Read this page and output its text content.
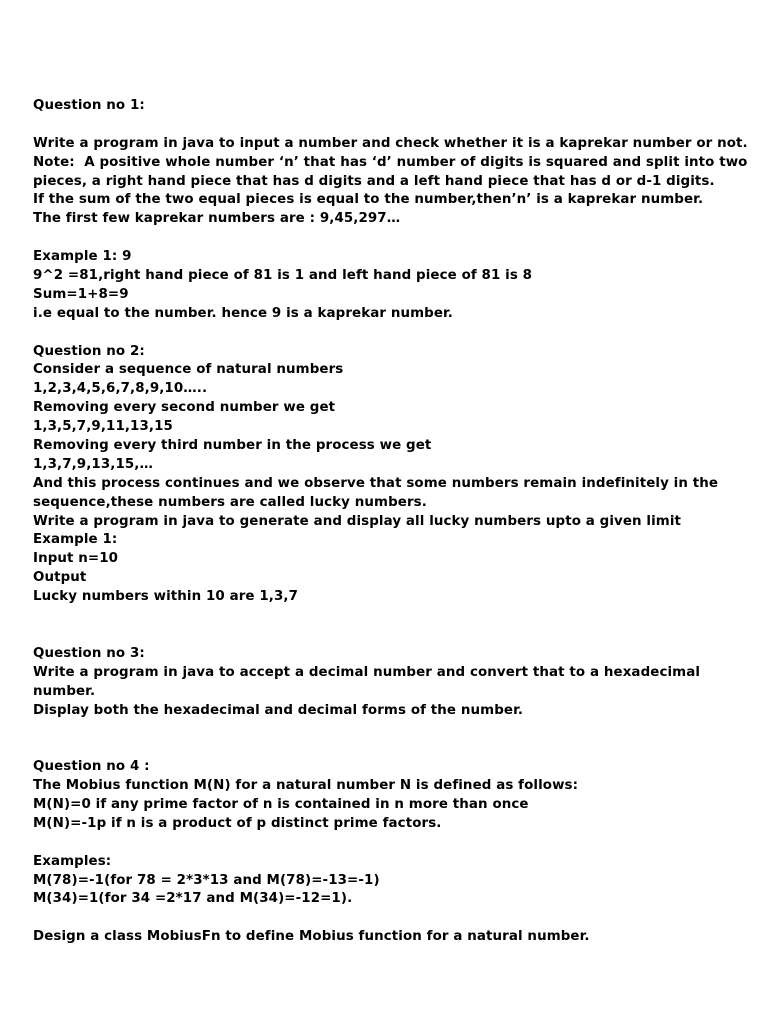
Question no 1:
Write a program in java to input a number and check whether it is a kaprekar number or not.
Note:  A positive whole number ‘n’ that has ‘d’ number of digits is squared and split into two
pieces, a right hand piece that has d digits and a left hand piece that has d or d-1 digits.
If the sum of the two equal pieces is equal to the number,then’n’ is a kaprekar number.
The first few kaprekar numbers are : 9,45,297…
Example 1: 9
9^2 =81,right hand piece of 81 is 1 and left hand piece of 81 is 8
Sum=1+8=9
i.e equal to the number. hence 9 is a kaprekar number.
Question no 2:
Consider a sequence of natural numbers
1,2,3,4,5,6,7,8,9,10…..
Removing every second number we get
1,3,5,7,9,11,13,15
Removing every third number in the process we get
1,3,7,9,13,15,…
And this process continues and we observe that some numbers remain indefinitely in the
sequence,these numbers are called lucky numbers.
Write a program in java to generate and display all lucky numbers upto a given limit
Example 1:
Input n=10
Output
Lucky numbers within 10 are 1,3,7
Question no 3:
Write a program in java to accept a decimal number and convert that to a hexadecimal
number.
Display both the hexadecimal and decimal forms of the number.
Question no 4 :
The Mobius function M(N) for a natural number N is defined as follows:
M(N)=0 if any prime factor of n is contained in n more than once
M(N)=-1p if n is a product of p distinct prime factors.
Examples:
M(78)=-1(for 78 = 2*3*13 and M(78)=-13=-1)
M(34)=1(for 34 =2*17 and M(34)=-12=1).
Design a class MobiusFn to define Mobius function for a natural number.
